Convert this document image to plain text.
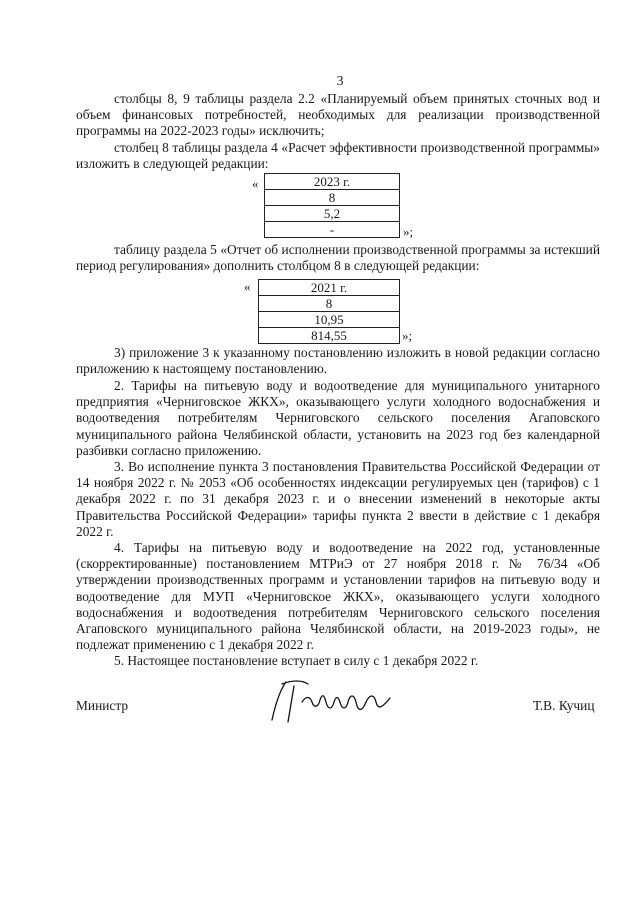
3

столбцы 8, 9 таблицы раздела 2.2 «Планируемый объем принятых сточных вод и объем финансовых потребностей, необходимых для реализации производственной программы на 2022-2023 годы» исключить;

столбец 8 таблицы раздела 4 «Расчет эффективности производственной программы» изложить в следующей редакции:

«	2023 г.
8
5,2
-	»;

таблицу раздела 5 «Отчет об исполнении производственной программы за истекший период регулирования» дополнить столбцом 8 в следующей редакции:

«	2021 г.
8
10,95
814,55	»;

3) приложение 3 к указанному постановлению изложить в новой редакции согласно приложению к настоящему постановлению.

2. Тарифы на питьевую воду и водоотведение для муниципального унитарного предприятия «Черниговское ЖКХ», оказывающего услуги холодного водоснабжения и водоотведения потребителям Черниговского сельского поселения Агаповского муниципального района Челябинской области, установить на 2023 год без календарной разбивки согласно приложению.

3. Во исполнение пункта 3 постановления Правительства Российской Федерации от 14 ноября 2022 г. № 2053 «Об особенностях индексации регулируемых цен (тарифов) с 1 декабря 2022 г. по 31 декабря 2023 г. и о внесении изменений в некоторые акты Правительства Российской Федерации» тарифы пункта 2 ввести в действие с 1 декабря 2022 г.

4. Тарифы на питьевую воду и водоотведение на 2022 год, установленные (скорректированные) постановлением МТРиЭ от 27 ноября 2018 г. № 76/34 «Об утверждении производственных программ и установлении тарифов на питьевую воду и водоотведение для МУП «Черниговское ЖКХ», оказывающего услуги холодного водоснабжения и водоотведения потребителям Черниговского сельского поселения Агаповского муниципального района Челябинской области, на 2019-2023 годы», не подлежат применению с 1 декабря 2022 г.

5. Настоящее постановление вступает в силу с 1 декабря 2022 г.

Министр	Т.В. Кучиц
